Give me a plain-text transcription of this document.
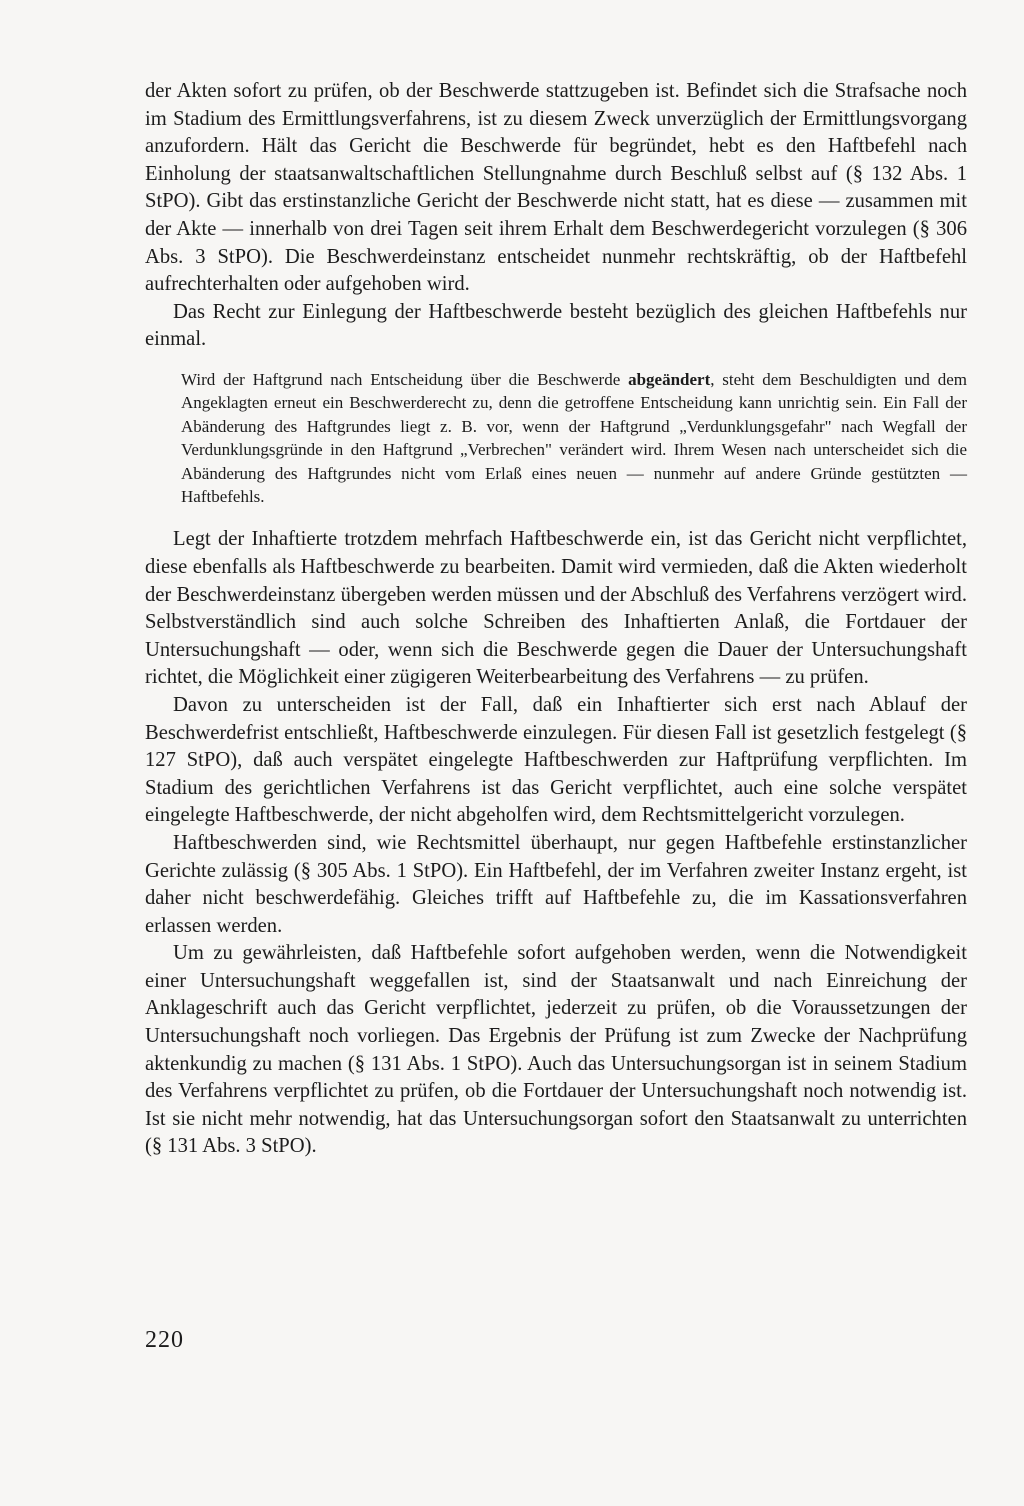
der Akten sofort zu prüfen, ob der Beschwerde stattzugeben ist. Befindet sich die Strafsache noch im Stadium des Ermittlungsverfahrens, ist zu diesem Zweck unverzüglich der Ermittlungsvorgang anzufordern. Hält das Gericht die Beschwerde für begründet, hebt es den Haftbefehl nach Einholung der staatsanwaltschaftlichen Stellungnahme durch Beschluß selbst auf (§ 132 Abs. 1 StPO). Gibt das erstinstanzliche Gericht der Beschwerde nicht statt, hat es diese — zusammen mit der Akte — innerhalb von drei Tagen seit ihrem Erhalt dem Beschwerdegericht vorzulegen (§ 306 Abs. 3 StPO). Die Beschwerdeinstanz entscheidet nunmehr rechtskräftig, ob der Haftbefehl aufrechterhalten oder aufgehoben wird.

Das Recht zur Einlegung der Haftbeschwerde besteht bezüglich des gleichen Haftbefehls nur einmal.

Wird der Haftgrund nach Entscheidung über die Beschwerde abgeändert, steht dem Beschuldigten und dem Angeklagten erneut ein Beschwerderecht zu, denn die getroffene Entscheidung kann unrichtig sein. Ein Fall der Abänderung des Haftgrundes liegt z. B. vor, wenn der Haftgrund „Verdunklungsgefahr" nach Wegfall der Verdunklungsgründe in den Haftgrund „Verbrechen" verändert wird. Ihrem Wesen nach unterscheidet sich die Abänderung des Haftgrundes nicht vom Erlaß eines neuen — nunmehr auf andere Gründe gestützten — Haftbefehls.

Legt der Inhaftierte trotzdem mehrfach Haftbeschwerde ein, ist das Gericht nicht verpflichtet, diese ebenfalls als Haftbeschwerde zu bearbeiten. Damit wird vermieden, daß die Akten wiederholt der Beschwerdeinstanz übergeben werden müssen und der Abschluß des Verfahrens verzögert wird. Selbstverständlich sind auch solche Schreiben des Inhaftierten Anlaß, die Fortdauer der Untersuchungshaft — oder, wenn sich die Beschwerde gegen die Dauer der Untersuchungshaft richtet, die Möglichkeit einer zügigeren Weiterbearbeitung des Verfahrens — zu prüfen.

Davon zu unterscheiden ist der Fall, daß ein Inhaftierter sich erst nach Ablauf der Beschwerdefrist entschließt, Haftbeschwerde einzulegen. Für diesen Fall ist gesetzlich festgelegt (§ 127 StPO), daß auch verspätet eingelegte Haftbeschwerden zur Haftprüfung verpflichten. Im Stadium des gerichtlichen Verfahrens ist das Gericht verpflichtet, auch eine solche verspätet eingelegte Haftbeschwerde, der nicht abgeholfen wird, dem Rechtsmittelgericht vorzulegen.

Haftbeschwerden sind, wie Rechtsmittel überhaupt, nur gegen Haftbefehle erstinstanzlicher Gerichte zulässig (§ 305 Abs. 1 StPO). Ein Haftbefehl, der im Verfahren zweiter Instanz ergeht, ist daher nicht beschwerdefähig. Gleiches trifft auf Haftbefehle zu, die im Kassationsverfahren erlassen werden.

Um zu gewährleisten, daß Haftbefehle sofort aufgehoben werden, wenn die Notwendigkeit einer Untersuchungshaft weggefallen ist, sind der Staatsanwalt und nach Einreichung der Anklageschrift auch das Gericht verpflichtet, jederzeit zu prüfen, ob die Voraussetzungen der Untersuchungshaft noch vorliegen. Das Ergebnis der Prüfung ist zum Zwecke der Nachprüfung aktenkundig zu machen (§ 131 Abs. 1 StPO). Auch das Untersuchungsorgan ist in seinem Stadium des Verfahrens verpflichtet zu prüfen, ob die Fortdauer der Untersuchungshaft noch notwendig ist. Ist sie nicht mehr notwendig, hat das Untersuchungsorgan sofort den Staatsanwalt zu unterrichten (§ 131 Abs. 3 StPO).

220
